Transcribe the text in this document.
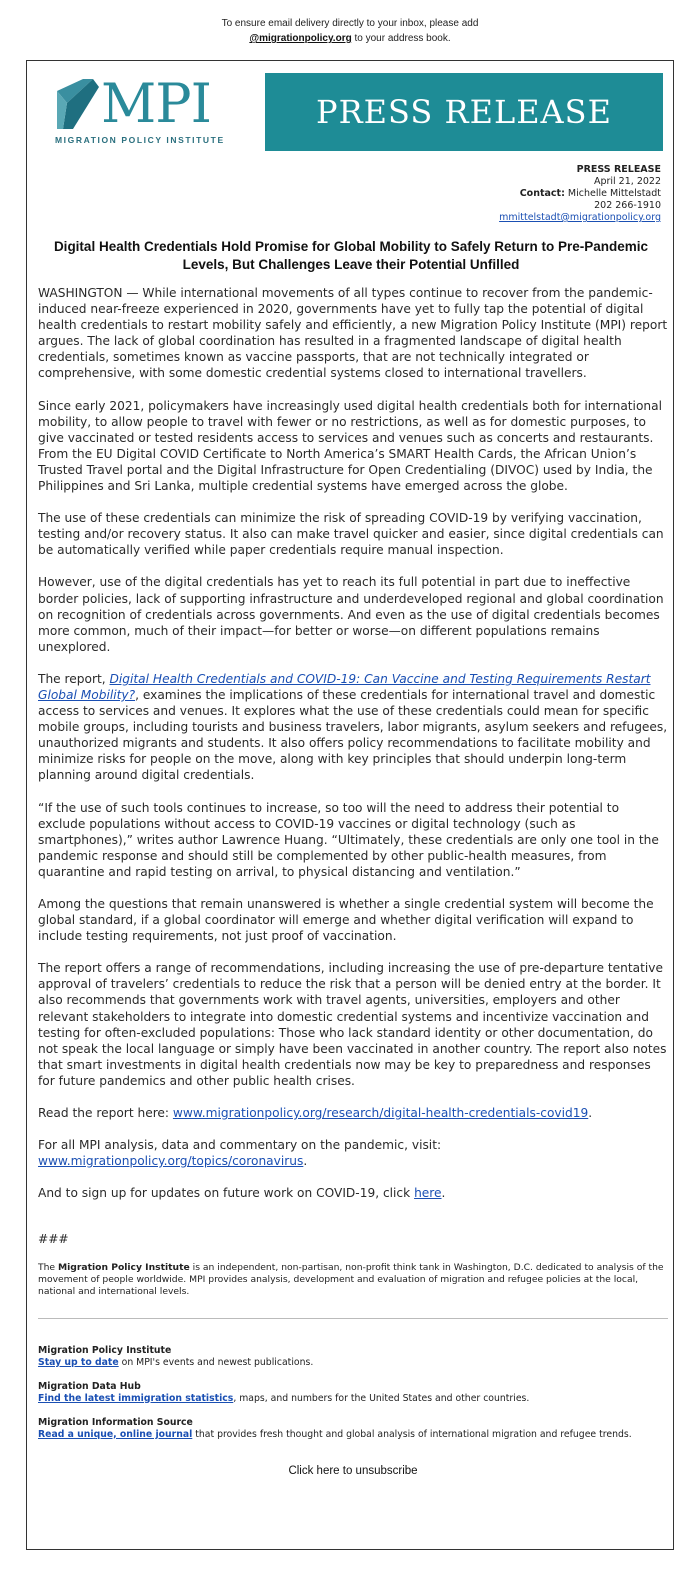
To ensure email delivery directly to your inbox, please add
@migrationpolicy.org to your address book.
MPI
MIGRATION POLICY INSTITUTE
PRESS RELEASE
PRESS RELEASE
April 21, 2022
Contact: Michelle Mittelstadt
202 266-1910
mmittelstadt@migrationpolicy.org
Digital Health Credentials Hold Promise for Global Mobility to Safely Return to Pre-Pandemic Levels, But Challenges Leave their Potential Unfilled

WASHINGTON — While international movements of all types continue to recover from the pandemic-induced near-freeze experienced in 2020, governments have yet to fully tap the potential of digital health credentials to restart mobility safely and efficiently, a new Migration Policy Institute (MPI) report argues. The lack of global coordination has resulted in a fragmented landscape of digital health credentials, sometimes known as vaccine passports, that are not technically integrated or comprehensive, with some domestic credential systems closed to international travellers.

Since early 2021, policymakers have increasingly used digital health credentials both for international mobility, to allow people to travel with fewer or no restrictions, as well as for domestic purposes, to give vaccinated or tested residents access to services and venues such as concerts and restaurants. From the EU Digital COVID Certificate to North America’s SMART Health Cards, the African Union’s Trusted Travel portal and the Digital Infrastructure for Open Credentialing (DIVOC) used by India, the Philippines and Sri Lanka, multiple credential systems have emerged across the globe.

The use of these credentials can minimize the risk of spreading COVID-19 by verifying vaccination, testing and/or recovery status. It also can make travel quicker and easier, since digital credentials can be automatically verified while paper credentials require manual inspection.

However, use of the digital credentials has yet to reach its full potential in part due to ineffective border policies, lack of supporting infrastructure and underdeveloped regional and global coordination on recognition of credentials across governments. And even as the use of digital credentials becomes more common, much of their impact—for better or worse—on different populations remains unexplored.

The report, Digital Health Credentials and COVID-19: Can Vaccine and Testing Requirements Restart Global Mobility?, examines the implications of these credentials for international travel and domestic access to services and venues. It explores what the use of these credentials could mean for specific mobile groups, including tourists and business travelers, labor migrants, asylum seekers and refugees, unauthorized migrants and students. It also offers policy recommendations to facilitate mobility and minimize risks for people on the move, along with key principles that should underpin long-term planning around digital credentials.

“If the use of such tools continues to increase, so too will the need to address their potential to exclude populations without access to COVID-19 vaccines or digital technology (such as smartphones),” writes author Lawrence Huang. “Ultimately, these credentials are only one tool in the pandemic response and should still be complemented by other public-health measures, from quarantine and rapid testing on arrival, to physical distancing and ventilation.”

Among the questions that remain unanswered is whether a single credential system will become the global standard, if a global coordinator will emerge and whether digital verification will expand to include testing requirements, not just proof of vaccination.

The report offers a range of recommendations, including increasing the use of pre-departure tentative approval of travelers’ credentials to reduce the risk that a person will be denied entry at the border. It also recommends that governments work with travel agents, universities, employers and other relevant stakeholders to integrate into domestic credential systems and incentivize vaccination and testing for often-excluded populations: Those who lack standard identity or other documentation, do not speak the local language or simply have been vaccinated in another country. The report also notes that smart investments in digital health credentials now may be key to preparedness and responses for future pandemics and other public health crises.

Read the report here: www.migrationpolicy.org/research/digital-health-credentials-covid19.

For all MPI analysis, data and commentary on the pandemic, visit: www.migrationpolicy.org/topics/coronavirus.

And to sign up for updates on future work on COVID-19, click here.

###

The Migration Policy Institute is an independent, non-partisan, non-profit think tank in Washington, D.C. dedicated to analysis of the movement of people worldwide. MPI provides analysis, development and evaluation of migration and refugee policies at the local, national and international levels.

Migration Policy Institute
Stay up to date on MPI's events and newest publications.
Migration Data Hub
Find the latest immigration statistics, maps, and numbers for the United States and other countries.
Migration Information Source
Read a unique, online journal that provides fresh thought and global analysis of international migration and refugee trends.
Click here to unsubscribe
